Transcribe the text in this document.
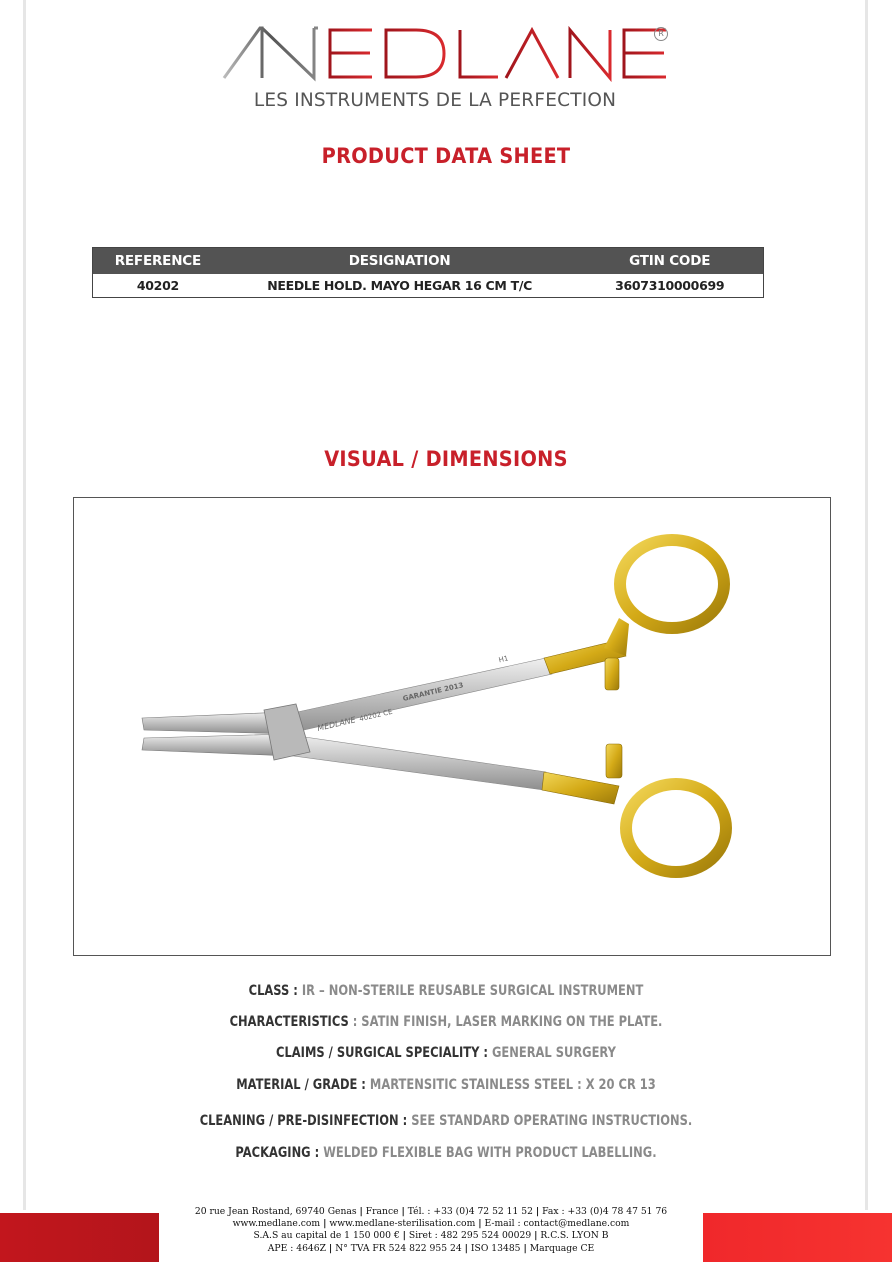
R
LES INSTRUMENTS DE LA PERFECTION
PRODUCT DATA SHEET
REFERENCE	DESIGNATION	GTIN CODE
40202	NEEDLE HOLD. MAYO HEGAR 16 CM T/C	3607310000699
VISUAL / DIMENSIONS
MEDLANE 40202 CE
GARANTIE 2013
H1
CLASS : IR – NON-STERILE REUSABLE SURGICAL INSTRUMENT
CHARACTERISTICS : SATIN FINISH, LASER MARKING ON THE PLATE.
CLAIMS / SURGICAL SPECIALITY : GENERAL SURGERY
MATERIAL / GRADE : MARTENSITIC STAINLESS STEEL : X 20 CR 13
CLEANING / PRE-DISINFECTION : SEE STANDARD OPERATING INSTRUCTIONS.
PACKAGING : WELDED FLEXIBLE BAG WITH PRODUCT LABELLING.
20 rue Jean Rostand, 69740 Genas | France | Tél. : +33 (0)4 72 52 11 52 | Fax : +33 (0)4 78 47 51 76
www.medlane.com | www.medlane-sterilisation.com | E-mail : contact@medlane.com
S.A.S au capital de 1 150 000 € | Siret : 482 295 524 00029 | R.C.S. LYON B
APE : 4646Z | N° TVA FR 524 822 955 24 | ISO 13485 | Marquage CE
